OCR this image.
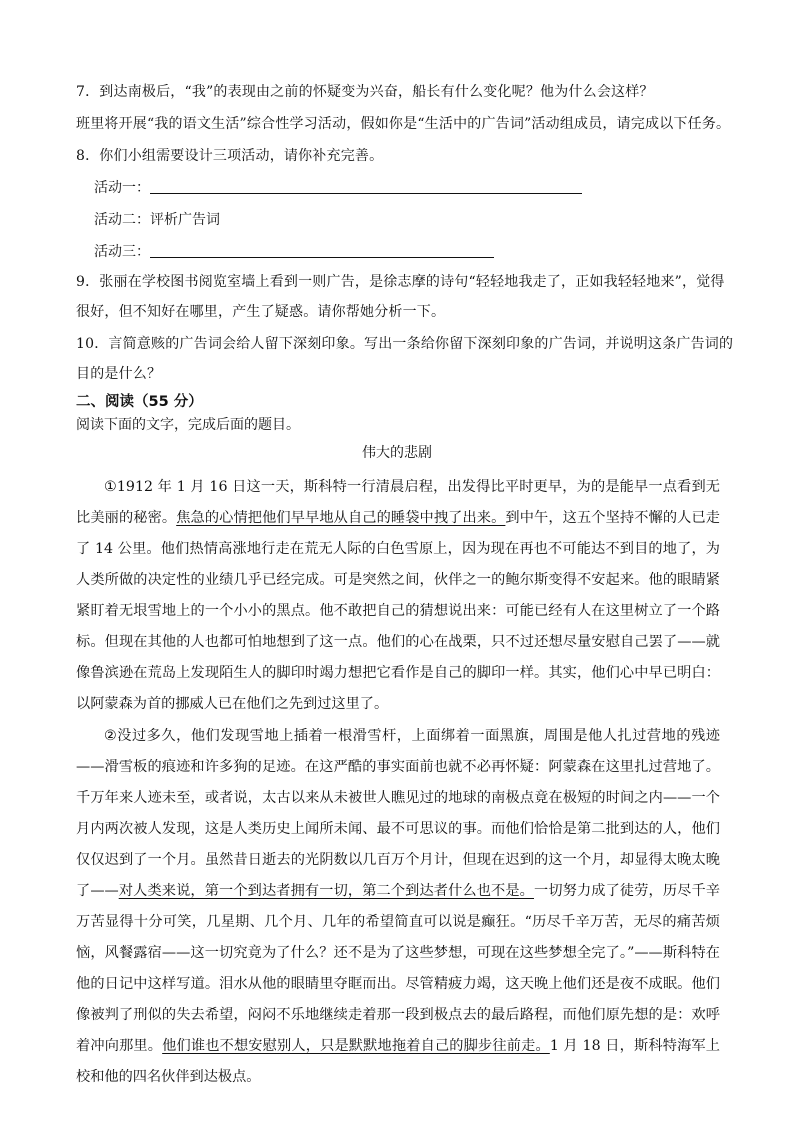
7．到达南极后，“我”的表现由之前的怀疑变为兴奋，船长有什么变化呢？他为什么会这样？
班里将开展“我的语文生活”综合性学习活动，假如你是“生活中的广告词”活动组成员，请完成以下任务。
8．你们小组需要设计三项活动，请你补充完善。
活动一：
活动二：评析广告词
活动三：
9．张丽在学校图书阅览室墙上看到一则广告，是徐志摩的诗句“轻轻地我走了，正如我轻轻地来”，觉得
很好，但不知好在哪里，产生了疑惑。请你帮她分析一下。
10．言简意赅的广告词会给人留下深刻印象。写出一条给你留下深刻印象的广告词，并说明这条广告词的
目的是什么？
二、阅读（55 分）
阅读下面的文字，完成后面的题目。
伟大的悲剧
①1912 年 1 月 16 日这一天，斯科特一行清晨启程，出发得比平时更早，为的是能早一点看到无比美丽的秘密。焦急的心情把他们早早地从自己的睡袋中拽了出来。到中午，这五个坚持不懈的人已走了 14 公里。他们热情高涨地行走在荒无人际的白色雪原上，因为现在再也不可能达不到目的地了，为人类所做的决定性的业绩几乎已经完成。可是突然之间，伙伴之一的鲍尔斯变得不安起来。他的眼睛紧紧盯着无垠雪地上的一个小小的黑点。他不敢把自己的猜想说出来：可能已经有人在这里树立了一个路标。但现在其他的人也都可怕地想到了这一点。他们的心在战栗，只不过还想尽量安慰自己罢了——就像鲁滨逊在荒岛上发现陌生人的脚印时竭力想把它看作是自己的脚印一样。其实，他们心中早已明白：以阿蒙森为首的挪威人已在他们之先到过这里了。
②没过多久，他们发现雪地上插着一根滑雪杆，上面绑着一面黑旗，周围是他人扎过营地的残迹——滑雪板的痕迹和许多狗的足迹。在这严酷的事实面前也就不必再怀疑：阿蒙森在这里扎过营地了。千万年来人迹未至，或者说，太古以来从未被世人瞧见过的地球的南极点竟在极短的时间之内——一个月内两次被人发现，这是人类历史上闻所未闻、最不可思议的事。而他们恰恰是第二批到达的人，他们仅仅迟到了一个月。虽然昔日逝去的光阴数以几百万个月计，但现在迟到的这一个月，却显得太晚太晚了——对人类来说，第一个到达者拥有一切，第二个到达者什么也不是。一切努力成了徒劳，历尽千辛万苦显得十分可笑，几星期、几个月、几年的希望简直可以说是癫狂。“历尽千辛万苦，无尽的痛苦烦恼，风餐露宿——这一切究竟为了什么？还不是为了这些梦想，可现在这些梦想全完了。”——斯科特在他的日记中这样写道。泪水从他的眼睛里夺眶而出。尽管精疲力竭，这天晚上他们还是夜不成眠。他们像被判了刑似的失去希望，闷闷不乐地继续走着那一段到极点去的最后路程，而他们原先想的是：欢呼着冲向那里。他们谁也不想安慰别人，只是默默地拖着自己的脚步往前走。1 月 18 日，斯科特海军上校和他的四名伙伴到达极点。
